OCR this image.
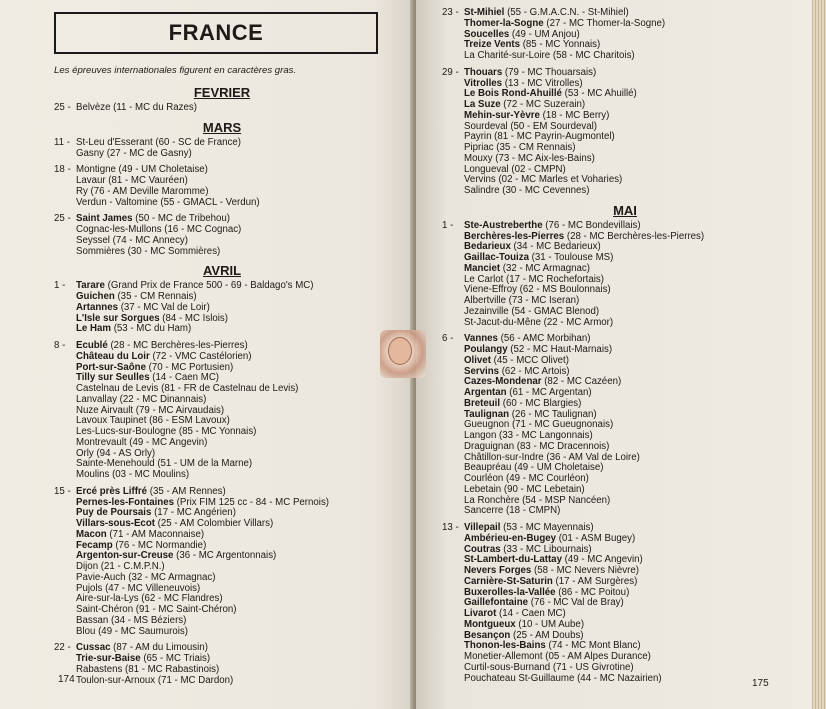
FRANCE
Les épreuves internationales figurent en caractères gras.
FEVRIER
25 - Belvèze (11 - MC du Razes)
MARS
11 - St-Leu d'Esserant (60 - SC de France)
Gasny (27 - MC de Gasny)
18 - Montigne (49 - UM Choletaise)
Lavaur (81 - MC Vauréen)
Ry (76 - AM Deville Maromme)
Verdun - Valtomine (55 - GMACL - Verdun)
25 - Saint James (50 - MC de Tribehou)
Cognac-les-Mullons (16 - MC Cognac)
Seyssel (74 - MC Annecy)
Sommières (30 - MC Sommières)
AVRIL
1 -	Tarare (Grand Prix de France 500 - 69 - Baldago's MC)
Guichen (35 - CM Rennais)
Artannes (37 - MC Val de Loir)
L'Isle sur Sorgues (84 - MC Islois)
Le Ham (53 - MC du Ham)
8 -	Ecublé (28 - MC Berchères-les-Pierres)
Château du Loir (72 - VMC Castélorien)
Port-sur-Saône (70 - MC Portusien)
Tilly sur Seulles (14 - Caen MC)
Castelnau de Levis (81 - FR de Castelnau de Levis)
Lanvallay (22 - MC Dinannais)
Nuze Airvault (79 - MC Airvaudais)
Lavoux Taupinet (86 - ESM Lavoux)
Les-Lucs-sur-Boulogne (85 - MC Yonnais)
Montrevault (49 - MC Angevin)
Orly (94 - AS Orly)
Sainte-Menehould (51 - UM de la Marne)
Moulins (03 - MC Moulins)
15 - Ercé près Liffré (35 - AM Rennes)
Pernes-les-Fontaines (Prix FIM 125 cc - 84 - MC Pernois)
Puy de Poursais (17 - MC Angérien)
Villars-sous-Ecot (25 - AM Colombier Villars)
Macon (71 - AM Maconnaise)
Fecamp (76 - MC Normandie)
Argenton-sur-Creuse (36 - MC Argentonnais)
Dijon (21 - C.M.P.N.)
Pavie-Auch (32 - MC Armagnac)
Pujols (47 - MC Villeneuvois)
Aire-sur-la-Lys (62 - MC Flandres)
Saint-Chéron (91 - MC Saint-Chéron)
Bassan (34 - MS Béziers)
Blou (49 - MC Saumurois)
22 - Cussac (87 - AM du Limousin)
Trie-sur-Baise (65 - MC Triais)
Rabastens (81 - MC Rabastinois)
Toulon-sur-Arnoux (71 - MC Dardon)
23 - St-Mihiel (55 - G.M.A.C.N. - St-Mihiel)
Thomer-la-Sogne (27 - MC Thomer-la-Sogne)
Soucelles (49 - UM Anjou)
Treize Vents (85 - MC Yonnais)
La Charité-sur-Loire (58 - MC Charitois)
29 - Thouars (79 - MC Thouarsais)
Vitrolles (13 - MC Vitrolles)
Le Bois Rond-Ahuillé (53 - MC Ahuillé)
La Suze (72 - MC Suzerain)
Mehin-sur-Yèvre (18 - MC Berry)
Sourdeval (50 - EM Sourdeval)
Payrin (81 - MC Payrin-Augmontel)
Pipriac (35 - CM Rennais)
Mouxy (73 - MC Aix-les-Bains)
Longueval (02 - CMPN)
Vervins (02 - MC Marles et Voharies)
Salindre (30 - MC Cevennes)
MAI
1 -	Ste-Austreberthe (76 - MC Bondevillais)
Berchères-les-Pierres (28 - MC Berchères-les-Pierres)
Bedarieux (34 - MC Bedarieux)
Gaillac-Touiza (31 - Toulouse MS)
Manciet (32 - MC Armagnac)
Le Carlot (17 - MC Rochefortais)
Viene-Effroy (62 - MS Boulonnais)
Albertville (73 - MC Iseran)
Jezainville (54 - GMAC Blenod)
St-Jacut-du-Mêne (22 - MC Armor)
6 -	Vannes (56 - AMC Morbihan)
Poulangy (52 - MC Haut-Marnais)
Olivet (45 - MCC Olivet)
Servins (62 - MC Artois)
Cazes-Mondenar (82 - MC Cazéen)
Argentan (61 - MC Argentan)
Breteuil (60 - MC Blargies)
Taulignan (26 - MC Taulignan)
Gueugnon (71 - MC Gueugnonais)
Langon (33 - MC Langonnais)
Draguignan (83 - MC Dracennois)
Châtillon-sur-Indre (36 - AM Val de Loire)
Beaupréau (49 - UM Choletaise)
Courléon (49 - MC Courléon)
Lebetain (90 - MC Lebetain)
La Ronchère (54 - MSP Nancéen)
Sancerre (18 - CMPN)
13 - Villepail (53 - MC Mayennais)
Ambérieu-en-Bugey (01 - ASM Bugey)
Coutras (33 - MC Libournais)
St-Lambert-du-Lattay (49 - MC Angevin)
Nevers Forges (58 - MC Nevers Nièvre)
Carnière-St-Saturin (17 - AM Surgères)
Buxerolles-la-Vallée (86 - MC Poitou)
Gaillefontaine (76 - MC Val de Bray)
Livarot (14 - Caen MC)
Montgueux (10 - UM Aube)
Besançon (25 - AM Doubs)
Thonon-les-Bains (74 - MC Mont Blanc)
Monetier-Allemont (05 - AM Alpes Durance)
Curtil-sous-Burnand (71 - US Givrotine)
Pouchateau St-Guillaume (44 - MC Nazairien)
174	175
